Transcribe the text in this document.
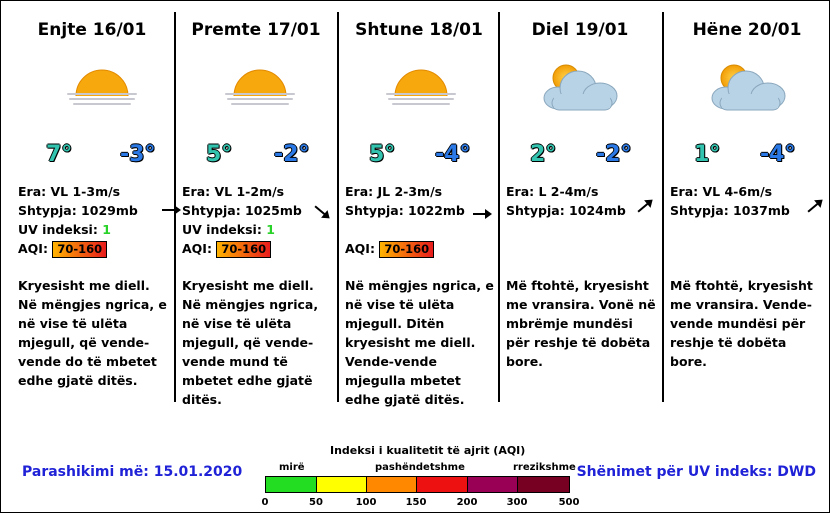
Enjte 16/01
7° -3°
Era: VL 1-3m/s
Shtypja: 1029mb
UV indeksi: 1
AQI: 70-160
Kryesisht me diell. Në mëngjes ngrica, e në vise të ulëta mjegull, që vende-vende do të mbetet edhe gjatë ditës.
Premte 17/01
5° -2°
Era: VL 1-2m/s
Shtypja: 1025mb
UV indeksi: 1
AQI: 70-160
Kryesisht me diell. Në mëngjes ngrica, në vise të ulëta mjegull, që vende-vende mund të mbetet edhe gjatë ditës.
Shtune 18/01
5° -4°
Era: JL 2-3m/s
Shtypja: 1022mb
AQI: 70-160
Në mëngjes ngrica, e në vise të ulëta mjegull. Ditën kryesisht me diell. Vende-vende mjegulla mbetet edhe gjatë ditës.
Diel 19/01
2° -2°
Era: L 2-4m/s
Shtypja: 1024mb
Më ftohtë, kryesisht me vransira. Vonë në mbrëmje mundësi për reshje të dobëta bore.
Hëne 20/01
1° -4°
Era: VL 4-6m/s
Shtypja: 1037mb
Më ftohtë, kryesisht me vransira. Vende-vende mundësi për reshje të dobëta bore.
Parashikimi më: 15.01.2020	Shënimet për UV indeks: DWD
Indeksi i kualitetit të ajrit (AQI)
mirë	pashëndetshme	rrezikshme
0	50	100	150	200	300	500
